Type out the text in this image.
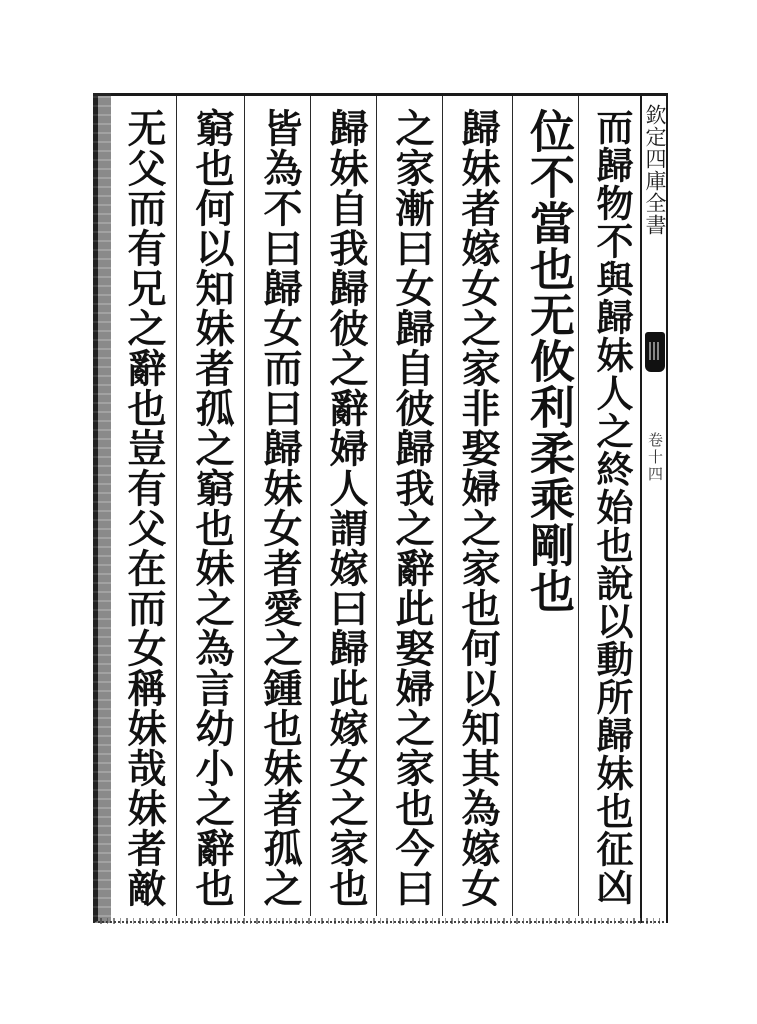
欽定四庫全書
卷十四
而歸物不與歸妹人之終始也說以動所歸妹也征凶
位不當也无攸利柔乘剛也
歸妹者嫁女之家非娶婦之家也何以知其為嫁女
之家漸曰女歸自彼歸我之辭此娶婦之家也今曰
歸妹自我歸彼之辭婦人謂嫁曰歸此嫁女之家也
皆為不曰歸女而曰歸妹女者愛之鍾也妹者孤之
窮也何以知妹者孤之窮也妹之為言幼小之辭也
无父而有兄之辭也豈有父在而女稱妹哉妹者敵
